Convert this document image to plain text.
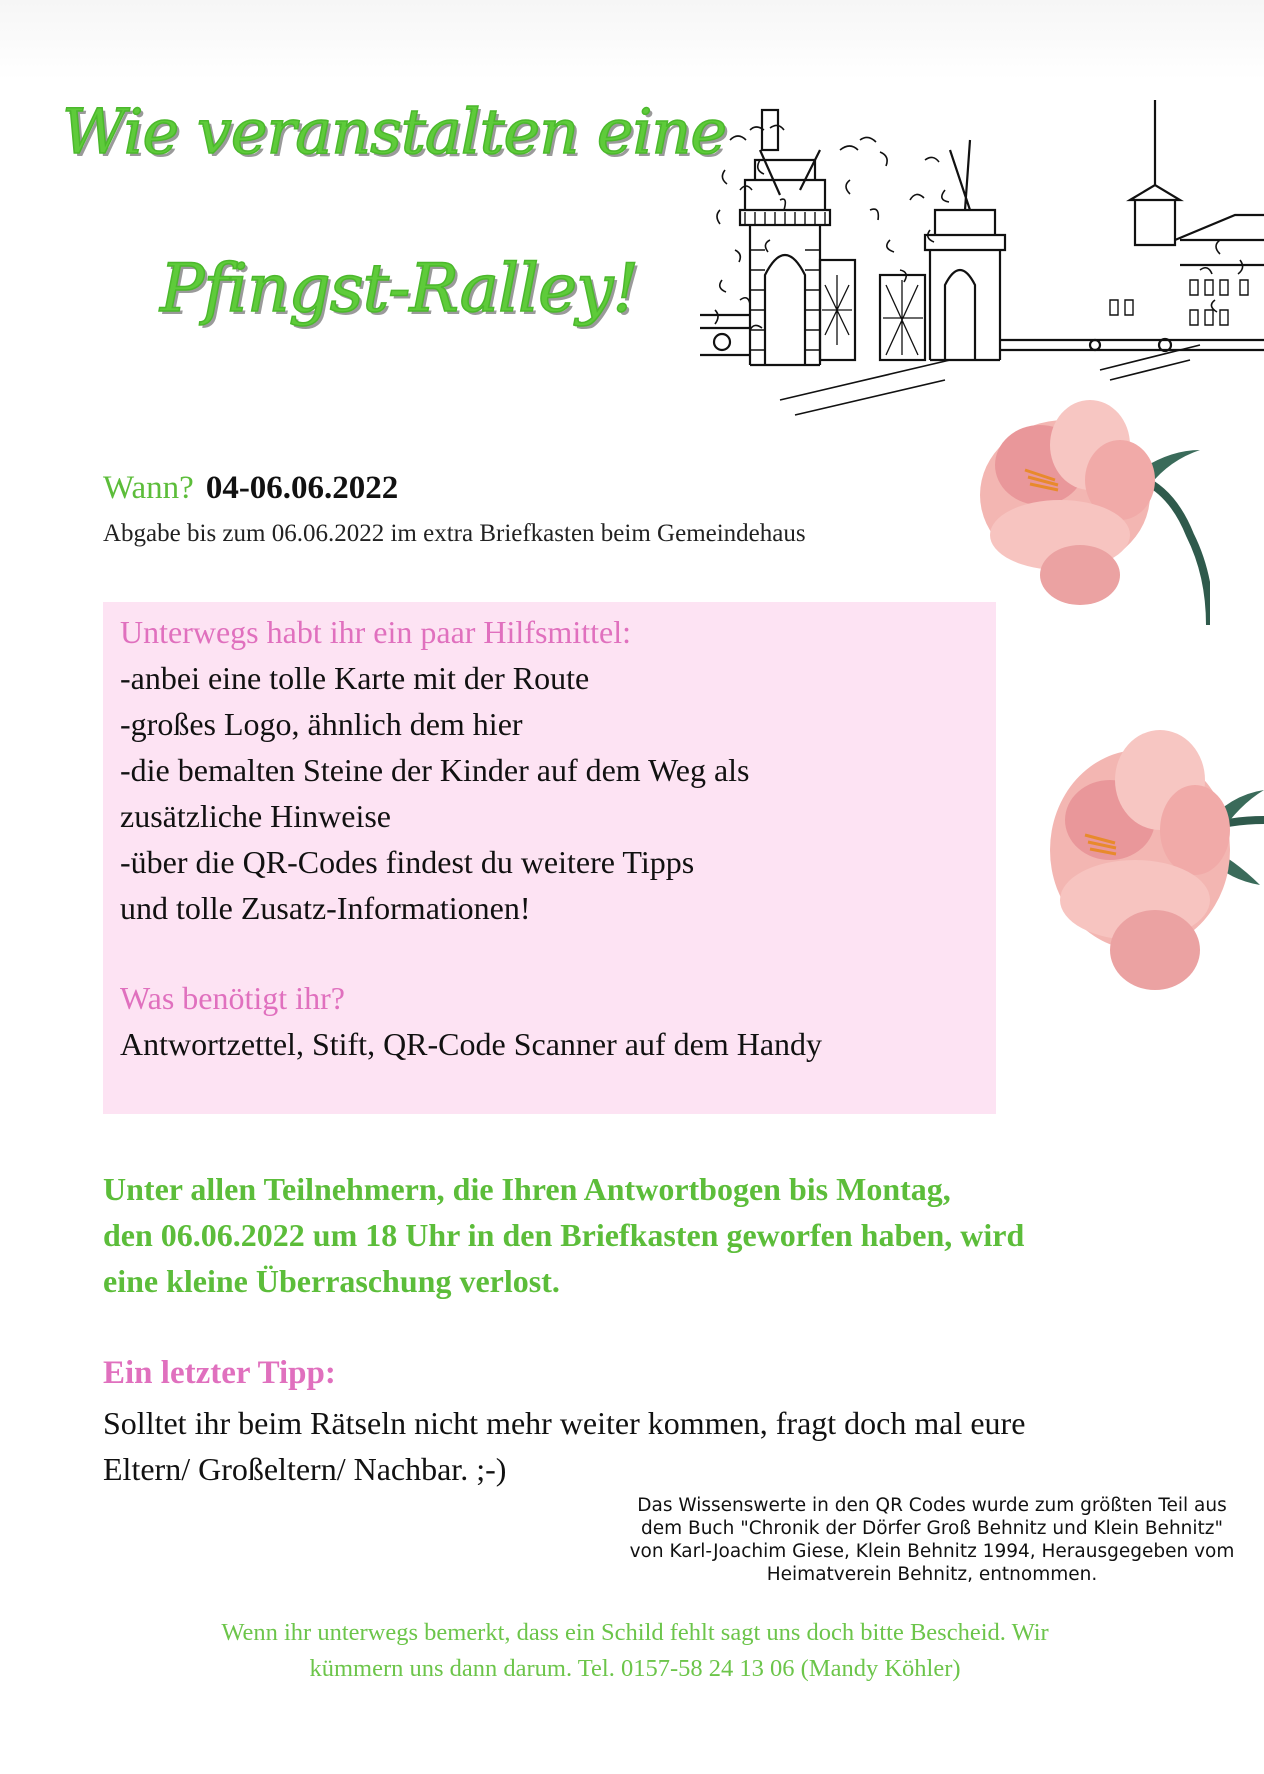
Wie veranstalten eine
Pfingst-Ralley!
Wann? 04-06.06.2022
Abgabe bis zum 06.06.2022 im extra Briefkasten beim Gemeindehaus
Unterwegs habt ihr ein paar Hilfsmittel:
-anbei eine tolle Karte mit der Route
-großes Logo, ähnlich dem hier
-die bemalten Steine der Kinder auf dem Weg als
zusätzliche Hinweise
-über die QR-Codes findest du weitere Tipps
und tolle Zusatz-Informationen!
Was benötigt ihr?
Antwortzettel, Stift, QR-Code Scanner auf dem Handy
Unter allen Teilnehmern, die Ihren Antwortbogen bis Montag,
den 06.06.2022 um 18 Uhr in den Briefkasten geworfen haben, wird
eine kleine Überraschung verlost.
Ein letzter Tipp:
Solltet ihr beim Rätseln nicht mehr weiter kommen, fragt doch mal eure
Eltern/ Großeltern/ Nachbar. ;-)
Das Wissenswerte in den QR Codes wurde zum größten Teil aus
dem Buch "Chronik der Dörfer Groß Behnitz und Klein Behnitz"
von Karl-Joachim Giese, Klein Behnitz 1994, Herausgegeben vom
Heimatverein Behnitz, entnommen.
Wenn ihr unterwegs bemerkt, dass ein Schild fehlt sagt uns doch bitte Bescheid. Wir
kümmern uns dann darum. Tel. 0157-58 24 13 06 (Mandy Köhler)
